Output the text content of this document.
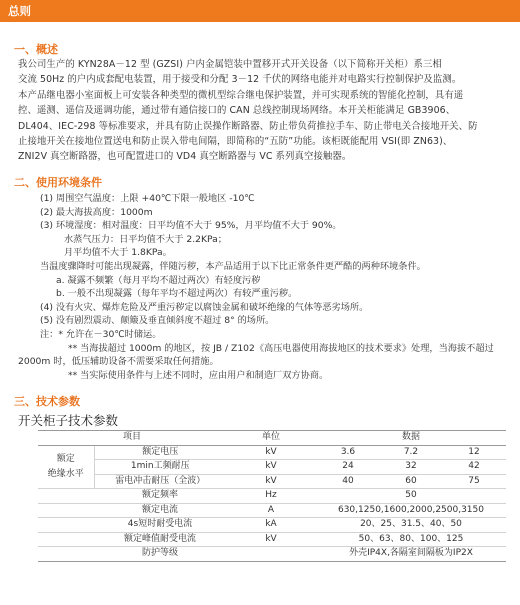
总则
一、概述
我公司生产的 KYN28A－12 型 (GZSI) 户内金属铠装中置移开式开关设备（以下简称开关柜）系三相
交流 50Hz 的户内成套配电装置，用于接受和分配 3－12 千伏的网络电能并对电路实行控制保护及监测。
本产品继电器小室面板上可安装各种类型的微机型综合继电保护装置，并可实现系统的智能化控制，具有遥
控、遥测、遥信及遥调功能，通过带有通信接口的 CAN 总线控制现场网络。本开关柜能满足 GB3906、
DL404、IEC-298 等标准要求，并具有防止误操作断路器、防止带负荷推拉手车、防止带电关合接地开关、防
止接地开关在接地位置送电和防止误入带电间隔，即简称的“五防”功能。该柜既能配用 VSI(即 ZN63)、
ZNI2V 真空断路器，也可配置进口的 VD4 真空断路器与 VC 系列真空接触器。
二、使用环境条件
(1) 周围空气温度：上限 +40℃下限一般地区 -10℃
(2) 最大海拔高度：1000m
(3) 环境湿度：相对温度：日平均值不大于 95%，月平均值不大于 90%。
水蒸气压力：日平均值不大于 2.2KPa；
月平均值不大于 1.8KPa。
当温度骤降时可能出现凝露，伴随污秽，本产品适用于以下比正常条件更严酷的两种环境条件。
a. 凝露不频繁（每月平均不超过两次）有轻度污秽
b. 一般不出现凝露（每年平均不超过两次）有较严重污秽。
(4) 没有火灾、爆炸危险及严重污秽定以腐蚀金属和破坏绝缘的气体等恶劣场所。
(5) 没有剧烈震动、颠簸及垂直倾斜度不超过 8° 的场所。
注：* 允许在－30℃时储运。
** 当海拔超过 1000m 的地区，按 JB / Z102《高压电器使用海拔地区的技术要求》处理，当海拔不超过
2000m 时，低压辅助设备不需要采取任何措施。
** 当实际使用条件与上述不同时，应由用户和制造厂双方协商。
三、技术参数
开关柜子技术参数
项目		单位	数据		
额定
绝缘水平	额定电压	kV	3.6	7.2	12
	1min工频耐压	kV	24	32	42
	雷电冲击耐压（全波）	kV	40	60	75
	额定频率	Hz	50		
	额定电流	A	630,1250,1600,2000,2500,3150		
	4s短时耐受电流	kA	20、25、31.5、40、50		
	额定峰值耐受电流	kV	50、63、80、100、125		
	防护等级		外壳IP4X,各隔室间隔板为IP2X		
